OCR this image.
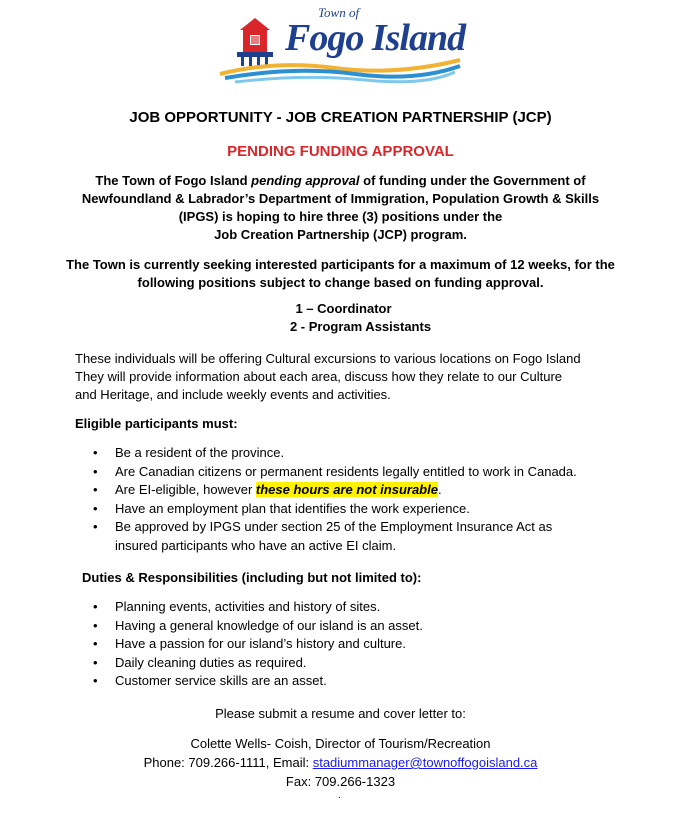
Town of
Fogo Island
JOB OPPORTUNITY - JOB CREATION PARTNERSHIP (JCP)
PENDING FUNDING APPROVAL
The Town of Fogo Island pending approval of funding under the Government of
Newfoundland & Labrador’s Department of Immigration, Population Growth & Skills
(IPGS) is hoping to hire three (3) positions under the
Job Creation Partnership (JCP) program.
The Town is currently seeking interested participants for a maximum of 12 weeks, for the
following positions subject to change based on funding approval.
1 – Coordinator
2 - Program Assistants
These individuals will be offering Cultural excursions to various locations on Fogo Island
They will provide information about each area, discuss how they relate to our Culture
and Heritage, and include weekly events and activities.
Eligible participants must:
• Be a resident of the province.
• Are Canadian citizens or permanent residents legally entitled to work in Canada.
• Are EI-eligible, however these hours are not insurable.
• Have an employment plan that identifies the work experience.
• Be approved by IPGS under section 25 of the Employment Insurance Act as insured participants who have an active EI claim.
Duties & Responsibilities (including but not limited to):
• Planning events, activities and history of sites.
• Having a general knowledge of our island is an asset.
• Have a passion for our island’s history and culture.
• Daily cleaning duties as required.
• Customer service skills are an asset.
Please submit a resume and cover letter to:
Colette Wells- Coish, Director of Tourism/Recreation
Phone: 709.266-1111, Email: stadiummanager@townoffogoisland.ca
Fax: 709.266-1323
.
